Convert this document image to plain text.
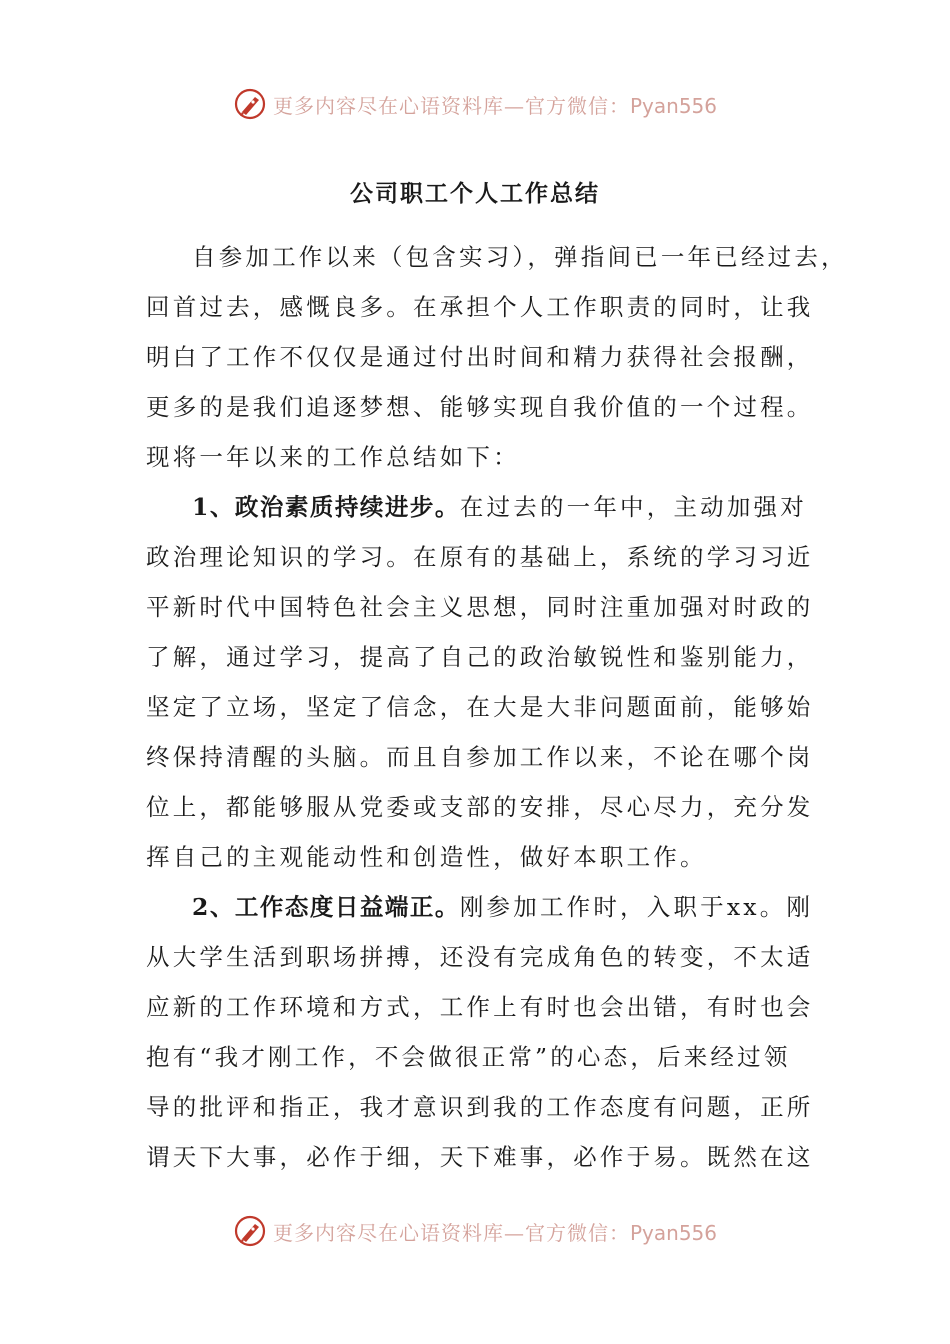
更多内容尽在心语资料库—官方微信：Pyan556
公司职工个人工作总结
自参加工作以来（包含实习），弹指间已一年已经过去，
回首过去，感慨良多。在承担个人工作职责的同时，让我
明白了工作不仅仅是通过付出时间和精力获得社会报酬，
更多的是我们追逐梦想、能够实现自我价值的一个过程。
现将一年以来的工作总结如下：
1、政治素质持续进步。在过去的一年中，主动加强对
政治理论知识的学习。在原有的基础上，系统的学习习近
平新时代中国特色社会主义思想，同时注重加强对时政的
了解，通过学习，提高了自己的政治敏锐性和鉴别能力，
坚定了立场，坚定了信念，在大是大非问题面前，能够始
终保持清醒的头脑。而且自参加工作以来，不论在哪个岗
位上，都能够服从党委或支部的安排，尽心尽力，充分发
挥自己的主观能动性和创造性，做好本职工作。
2、工作态度日益端正。刚参加工作时，入职于xx。刚
从大学生活到职场拼搏，还没有完成角色的转变，不太适
应新的工作环境和方式，工作上有时也会出错，有时也会
抱有“我才刚工作，不会做很正常”的心态，后来经过领
导的批评和指正，我才意识到我的工作态度有问题，正所
谓天下大事，必作于细，天下难事，必作于易。既然在这
更多内容尽在心语资料库—官方微信：Pyan556
